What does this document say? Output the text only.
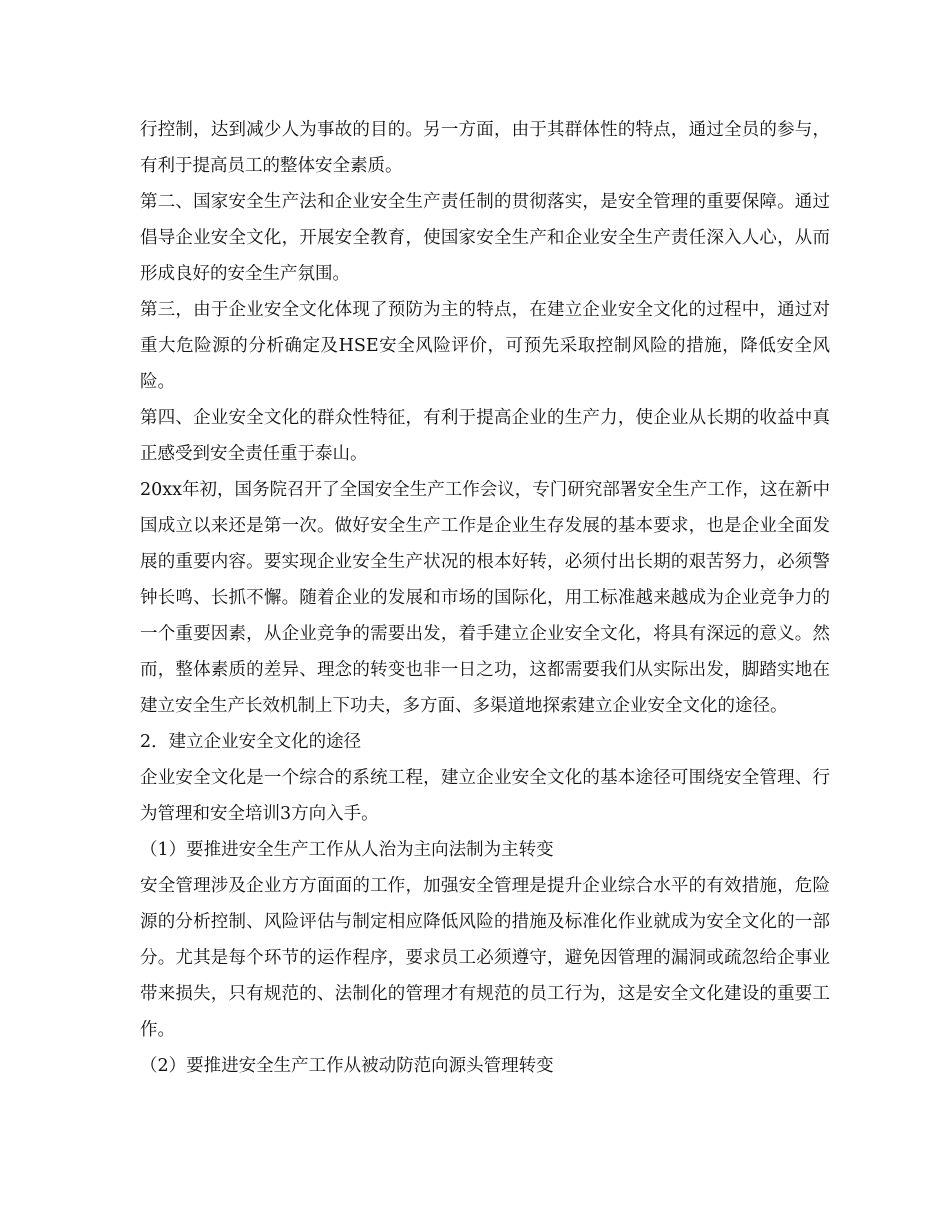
行控制，达到减少人为事故的目的。另一方面，由于其群体性的特点，通过全员的参与，有利于提高员工的整体安全素质。

第二、国家安全生产法和企业安全生产责任制的贯彻落实，是安全管理的重要保障。通过倡导企业安全文化，开展安全教育，使国家安全生产和企业安全生产责任深入人心，从而形成良好的安全生产氛围。

第三，由于企业安全文化体现了预防为主的特点，在建立企业安全文化的过程中，通过对重大危险源的分析确定及HSE安全风险评价，可预先采取控制风险的措施，降低安全风险。

第四、企业安全文化的群众性特征，有利于提高企业的生产力，使企业从长期的收益中真正感受到安全责任重于泰山。

20xx年初，国务院召开了全国安全生产工作会议，专门研究部署安全生产工作，这在新中国成立以来还是第一次。做好安全生产工作是企业生存发展的基本要求，也是企业全面发展的重要内容。要实现企业安全生产状况的根本好转，必须付出长期的艰苦努力，必须警钟长鸣、长抓不懈。随着企业的发展和市场的国际化，用工标准越来越成为企业竞争力的一个重要因素，从企业竞争的需要出发，着手建立企业安全文化，将具有深远的意义。然而，整体素质的差异、理念的转变也非一日之功，这都需要我们从实际出发，脚踏实地在建立安全生产长效机制上下功夫，多方面、多渠道地探索建立企业安全文化的途径。

2．建立企业安全文化的途径

企业安全文化是一个综合的系统工程，建立企业安全文化的基本途径可围绕安全管理、行为管理和安全培训3方向入手。

（1）要推进安全生产工作从人治为主向法制为主转变

安全管理涉及企业方方面面的工作，加强安全管理是提升企业综合水平的有效措施，危险源的分析控制、风险评估与制定相应降低风险的措施及标准化作业就成为安全文化的一部分。尤其是每个环节的运作程序，要求员工必须遵守，避免因管理的漏洞或疏忽给企事业带来损失，只有规范的、法制化的管理才有规范的员工行为，这是安全文化建设的重要工作。

（2）要推进安全生产工作从被动防范向源头管理转变
